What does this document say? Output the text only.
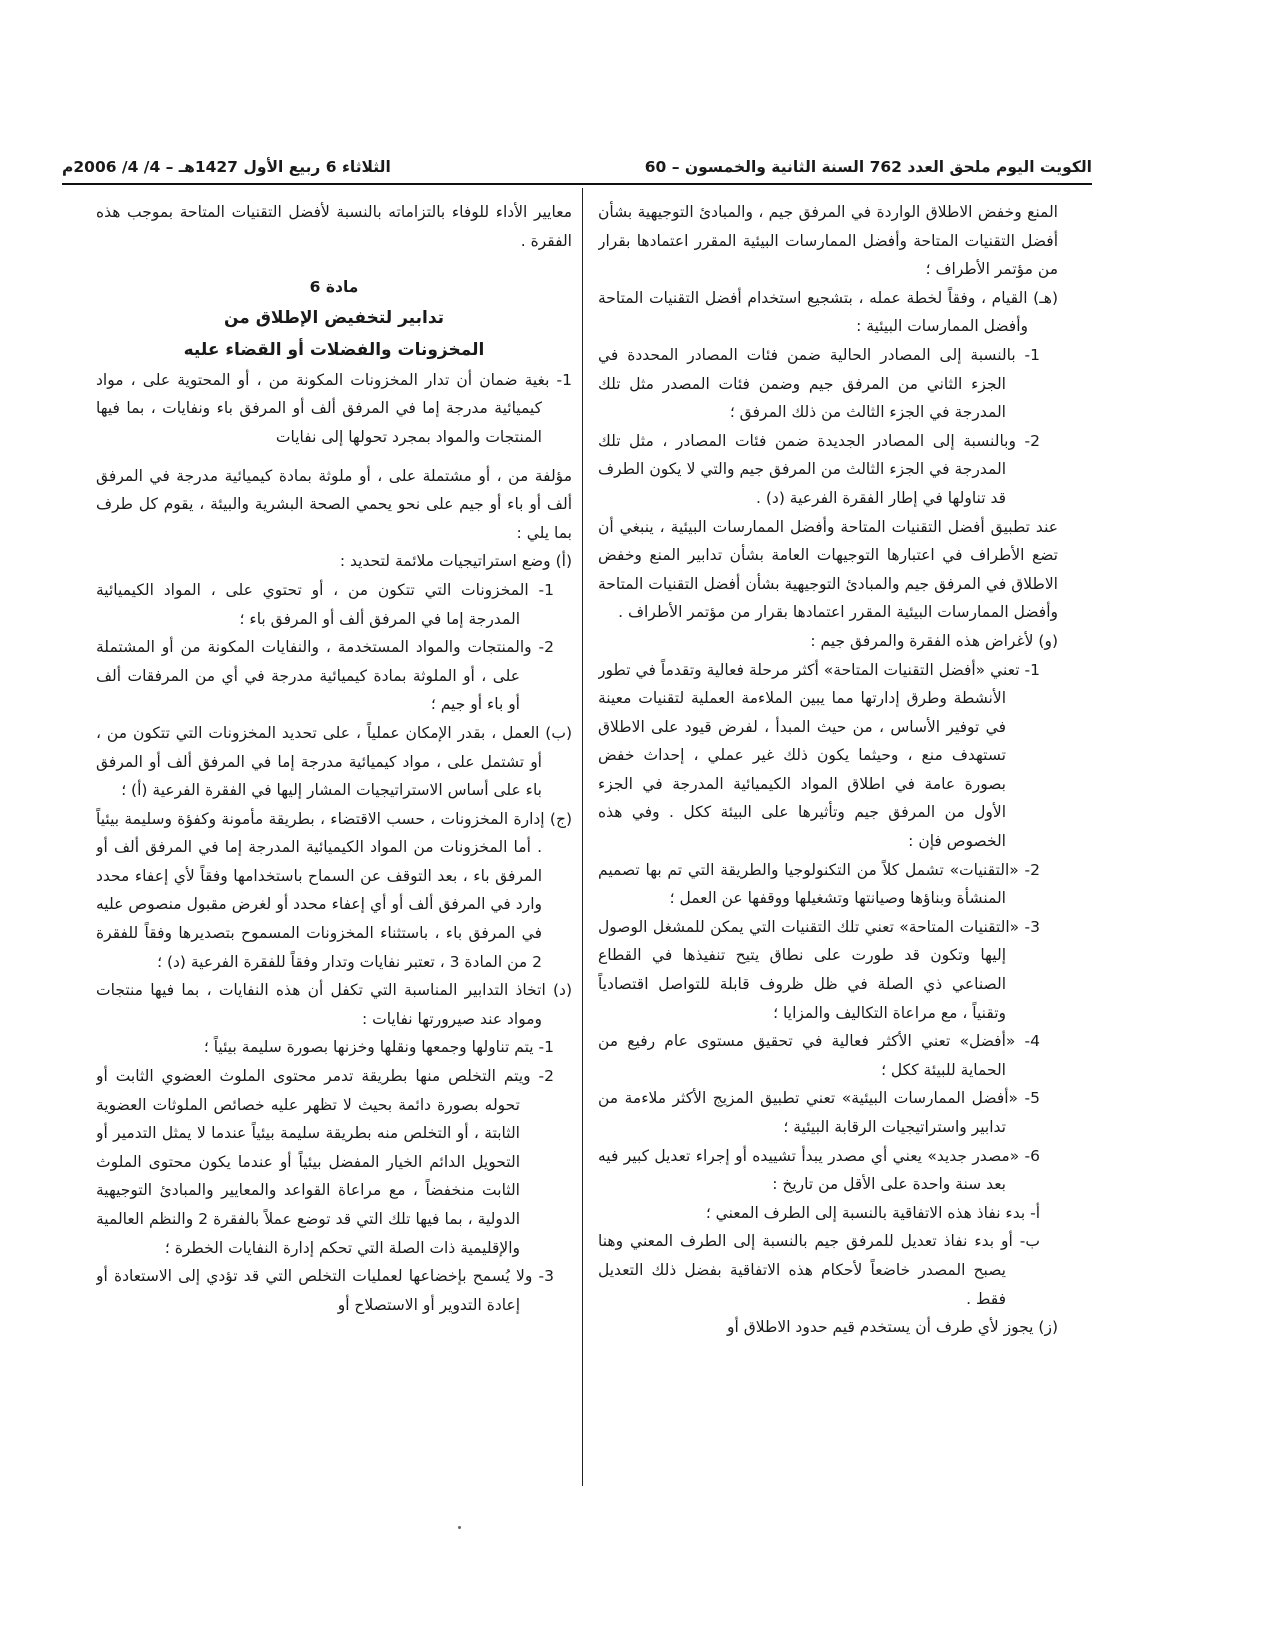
الكويت اليوم ملحق العدد 762 السنة الثانية والخمسون – 60
الثلاثاء 6 ربيع الأول 1427هـ – 4/ 4/ 2006م

المنع وخفض الاطلاق الواردة في المرفق جيم ، والمبادئ التوجيهية بشأن أفضل التقنيات المتاحة وأفضل الممارسات البيئية المقرر اعتمادها بقرار من مؤتمر الأطراف ؛

(هـ) القيام ، وفقاً لخطة عمله ، بتشجيع استخدام أفضل التقنيات المتاحة وأفضل الممارسات البيئية :

1- بالنسبة إلى المصادر الحالية ضمن فئات المصادر المحددة في الجزء الثاني من المرفق جيم وضمن فئات المصدر مثل تلك المدرجة في الجزء الثالث من ذلك المرفق ؛

2- وبالنسبة إلى المصادر الجديدة ضمن فئات المصادر ، مثل تلك المدرجة في الجزء الثالث من المرفق جيم والتي لا يكون الطرف قد تناولها في إطار الفقرة الفرعية (د) .

عند تطبيق أفضل التقنيات المتاحة وأفضل الممارسات البيئية ، ينبغي أن تضع الأطراف في اعتبارها التوجيهات العامة بشأن تدابير المنع وخفض الاطلاق في المرفق جيم والمبادئ التوجيهية بشأن أفضل التقنيات المتاحة وأفضل الممارسات البيئية المقرر اعتمادها بقرار من مؤتمر الأطراف .

(و) لأغراض هذه الفقرة والمرفق جيم :

1- تعني «أفضل التقنيات المتاحة» أكثر مرحلة فعالية وتقدماً في تطور الأنشطة وطرق إدارتها مما يبين الملاءمة العملية لتقنيات معينة في توفير الأساس ، من حيث المبدأ ، لفرض قيود على الاطلاق تستهدف منع ، وحيثما يكون ذلك غير عملي ، إحداث خفض بصورة عامة في اطلاق المواد الكيميائية المدرجة في الجزء الأول من المرفق جيم وتأثيرها على البيئة ككل . وفي هذه الخصوص فإن :

2- «التقنيات» تشمل كلاً من التكنولوجيا والطريقة التي تم بها تصميم المنشأة وبناؤها وصيانتها وتشغيلها ووقفها عن العمل ؛

3- «التقنيات المتاحة» تعني تلك التقنيات التي يمكن للمشغل الوصول إليها وتكون قد طورت على نطاق يتيح تنفيذها في القطاع الصناعي ذي الصلة في ظل ظروف قابلة للتواصل اقتصادياً وتقنياً ، مع مراعاة التكاليف والمزايا ؛

4- «أفضل» تعني الأكثر فعالية في تحقيق مستوى عام رفيع من الحماية للبيئة ككل ؛

5- «أفضل الممارسات البيئية» تعني تطبيق المزيج الأكثر ملاءمة من تدابير واستراتيجيات الرقابة البيئية ؛

6- «مصدر جديد» يعني أي مصدر يبدأ تشييده أو إجراء تعديل كبير فيه بعد سنة واحدة على الأقل من تاريخ :

أ- بدء نفاذ هذه الاتفاقية بالنسبة إلى الطرف المعني ؛

ب- أو بدء نفاذ تعديل للمرفق جيم بالنسبة إلى الطرف المعني وهنا يصبح المصدر خاضعاً لأحكام هذه الاتفاقية بفضل ذلك التعديل فقط .

(ز) يجوز لأي طرف أن يستخدم قيم حدود الاطلاق أو

معايير الأداء للوفاء بالتزاماته بالنسبة لأفضل التقنيات المتاحة بموجب هذه الفقرة .

مادة 6

تدابير لتخفيض الإطلاق من

المخزونات والفضلات أو القضاء عليه

1- بغية ضمان أن تدار المخزونات المكونة من ، أو المحتوية على ، مواد كيميائية مدرجة إما في المرفق ألف أو المرفق باء ونفايات ، بما فيها المنتجات والمواد بمجرد تحولها إلى نفايات

مؤلفة من ، أو مشتملة على ، أو ملوثة بمادة كيميائية مدرجة في المرفق ألف أو باء أو جيم على نحو يحمي الصحة البشرية والبيئة ، يقوم كل طرف بما يلي :

(أ) وضع استراتيجيات ملائمة لتحديد :

1- المخزونات التي تتكون من ، أو تحتوي على ، المواد الكيميائية المدرجة إما في المرفق ألف أو المرفق باء ؛

2- والمنتجات والمواد المستخدمة ، والنفايات المكونة من أو المشتملة على ، أو الملوثة بمادة كيميائية مدرجة في أي من المرفقات ألف أو باء أو جيم ؛

(ب) العمل ، بقدر الإمكان عملياً ، على تحديد المخزونات التي تتكون من ، أو تشتمل على ، مواد كيميائية مدرجة إما في المرفق ألف أو المرفق باء على أساس الاستراتيجيات المشار إليها في الفقرة الفرعية (أ) ؛

(ج) إدارة المخزونات ، حسب الاقتضاء ، بطريقة مأمونة وكفؤة وسليمة بيئياً . أما المخزونات من المواد الكيميائية المدرجة إما في المرفق ألف أو المرفق باء ، بعد التوقف عن السماح باستخدامها وفقاً لأي إعفاء محدد وارد في المرفق ألف أو أي إعفاء محدد أو لغرض مقبول منصوص عليه في المرفق باء ، باستثناء المخزونات المسموح بتصديرها وفقاً للفقرة 2 من المادة 3 ، تعتبر نفايات وتدار وفقاً للفقرة الفرعية (د) ؛

(د) اتخاذ التدابير المناسبة التي تكفل أن هذه النفايات ، بما فيها منتجات ومواد عند صيرورتها نفايات :

1- يتم تناولها وجمعها ونقلها وخزنها بصورة سليمة بيئياً ؛

2- ويتم التخلص منها بطريقة تدمر محتوى الملوث العضوي الثابت أو تحوله بصورة دائمة بحيث لا تظهر عليه خصائص الملوثات العضوية الثابتة ، أو التخلص منه بطريقة سليمة بيئياً عندما لا يمثل التدمير أو التحويل الدائم الخيار المفضل بيئياً أو عندما يكون محتوى الملوث الثابت منخفضاً ، مع مراعاة القواعد والمعايير والمبادئ التوجيهية الدولية ، بما فيها تلك التي قد توضع عملاً بالفقرة 2 والنظم العالمية والإقليمية ذات الصلة التي تحكم إدارة النفايات الخطرة ؛

3- ولا يُسمح بإخضاعها لعمليات التخلص التي قد تؤدي إلى الاستعادة أو إعادة التدوير أو الاستصلاح أو
